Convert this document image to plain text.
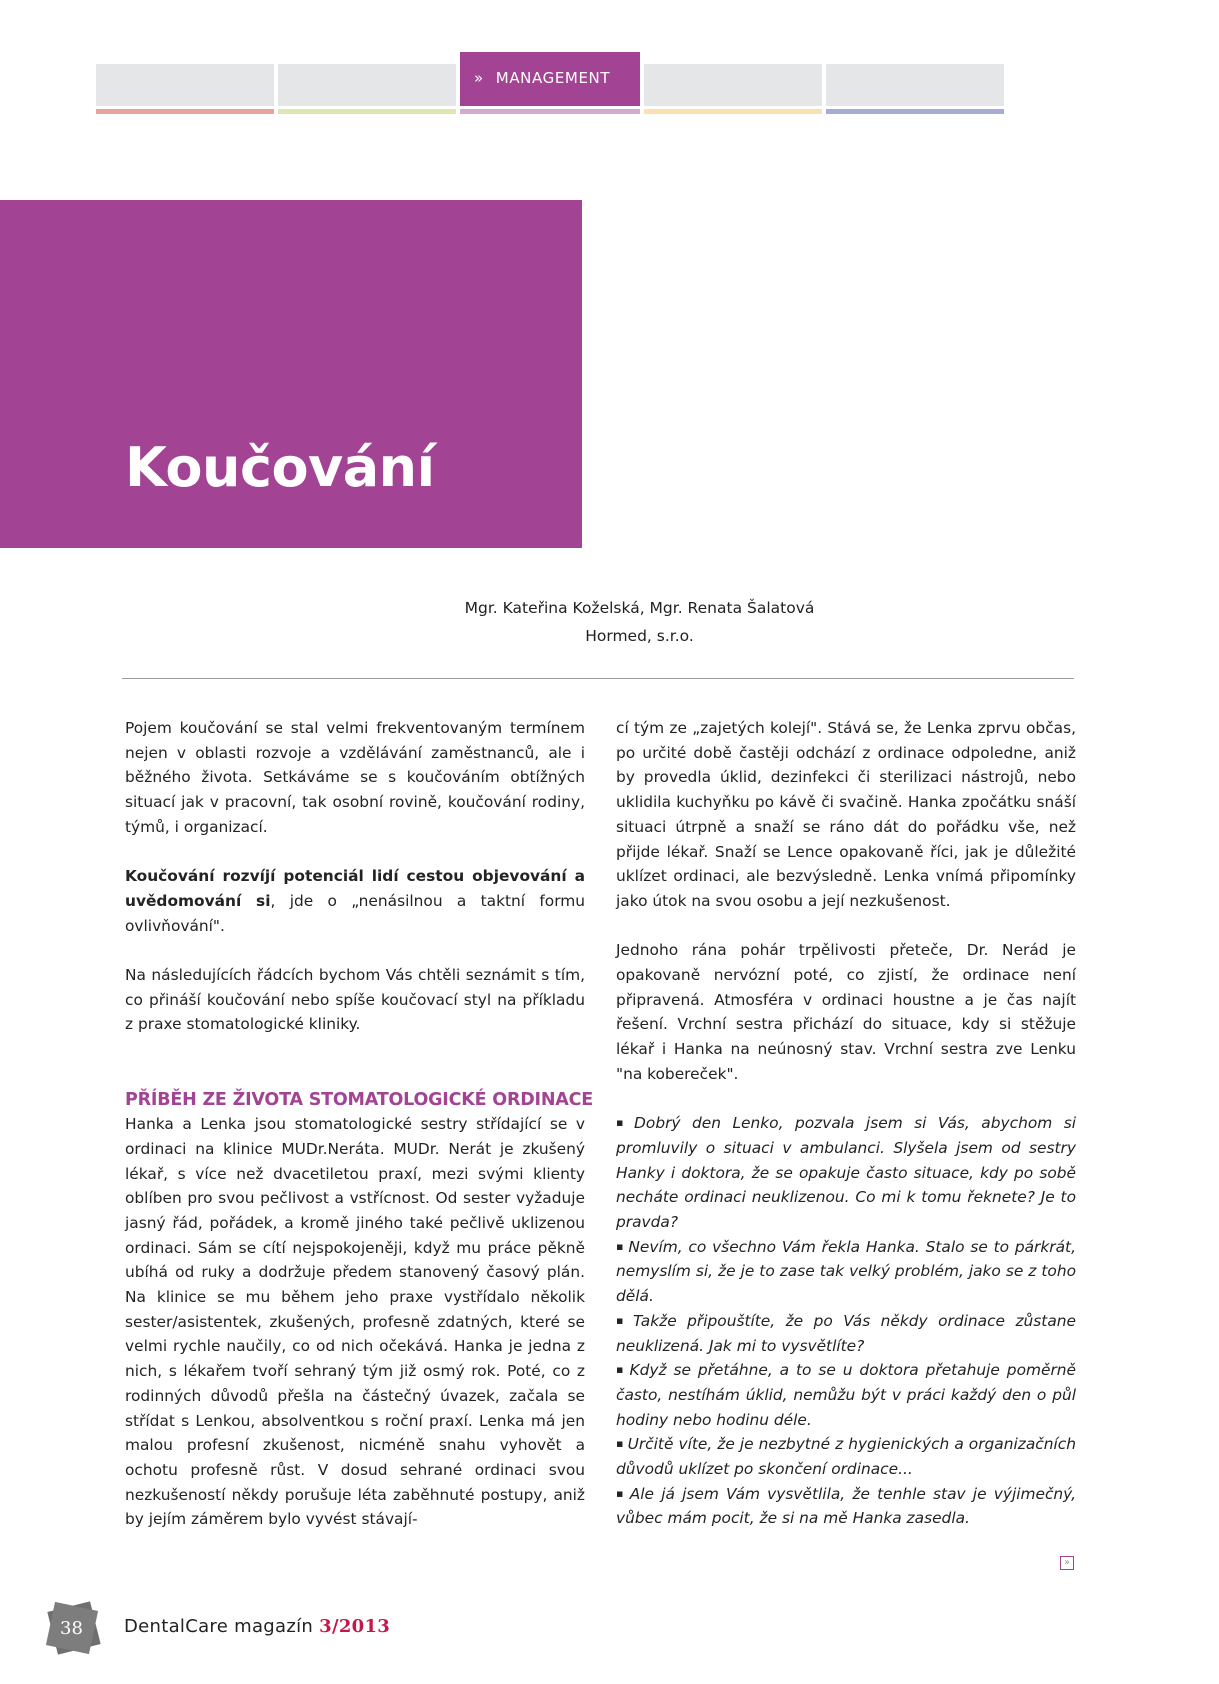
» MANAGEMENT
Koučování
Mgr. Kateřina Koželská, Mgr. Renata Šalatová
Hormed, s.r.o.

Pojem koučování se stal velmi frekventovaným termínem nejen v oblasti rozvoje a vzdělávání zaměstnanců, ale i běžného života. Setkáváme se s koučováním obtížných situací jak v pracovní, tak osobní rovině, koučování rodiny, týmů, i organizací.

Koučování rozvíjí potenciál lidí cestou objevování a uvědomování si, jde o „nenásilnou a taktní formu ovlivňování".

Na následujících řádcích bychom Vás chtěli seznámit s tím, co přináší koučování nebo spíše koučovací styl na příkladu z praxe stomatologické kliniky.

PŘÍBĚH ZE ŽIVOTA STOMATOLOGICKÉ ORDINACE

Hanka a Lenka jsou stomatologické sestry střídající se v ordinaci na klinice MUDr.Neráta. MUDr. Nerát je zkušený lékař, s více než dvacetiletou praxí, mezi svými klienty oblíben pro svou pečlivost a vstřícnost. Od sester vyžaduje jasný řád, pořádek, a kromě jiného také pečlivě uklizenou ordinaci. Sám se cítí nejspokojeněji, když mu práce pěkně ubíhá od ruky a dodržuje předem stanovený časový plán. Na klinice se mu během jeho praxe vystřídalo několik sester/asistentek, zkušených, profesně zdatných, které se velmi rychle naučily, co od nich očekává. Hanka je jedna z nich, s lékařem tvoří sehraný tým již osmý rok. Poté, co z rodinných důvodů přešla na částečný úvazek, začala se střídat s Lenkou, absolventkou s roční praxí. Lenka má jen malou profesní zkušenost, nicméně snahu vyhovět a ochotu profesně růst. V dosud sehrané ordinaci svou nezkušeností někdy porušuje léta zaběhnuté postupy, aniž by jejím záměrem bylo vyvést stávají-

cí tým ze „zajetých kolejí". Stává se, že Lenka zprvu občas, po určité době častěji odchází z ordinace odpoledne, aniž by provedla úklid, dezinfekci či sterilizaci nástrojů, nebo uklidila kuchyňku po kávě či svačině. Hanka zpočátku snáší situaci útrpně a snaží se ráno dát do pořádku vše, než přijde lékař. Snaží se Lence opakovaně říci, jak je důležité uklízet ordinaci, ale bezvýsledně. Lenka vnímá připomínky jako útok na svou osobu a její nezkušenost.

Jednoho rána pohár trpělivosti přeteče, Dr. Nerád je opakovaně nervózní poté, co zjistí, že ordinace není připravená. Atmosféra v ordinaci houstne a je čas najít řešení. Vrchní sestra přichází do situace, kdy si stěžuje lékař i Hanka na neúnosný stav. Vrchní sestra zve Lenku "na kobereček".

▪ Dobrý den Lenko, pozvala jsem si Vás, abychom si promluvily o situaci v ambulanci. Slyšela jsem od sestry Hanky i doktora, že se opakuje často situace, kdy po sobě necháte ordinaci neuklizenou. Co mi k tomu řeknete? Je to pravda?

▪ Nevím, co všechno Vám řekla Hanka. Stalo se to párkrát, nemyslím si, že je to zase tak velký problém, jako se z toho dělá.

▪ Takže připouštíte, že po Vás někdy ordinace zůstane neuklizená. Jak mi to vysvětlíte?

▪ Když se přetáhne, a to se u doktora přetahuje poměrně často, nestíhám úklid, nemůžu být v práci každý den o půl hodiny nebo hodinu déle.

▪ Určitě víte, že je nezbytné z hygienických a organizačních důvodů uklízet po skončení ordinace...

▪ Ale já jsem Vám vysvětlila, že tenhle stav je výjimečný, vůbec mám pocit, že si na mě Hanka zasedla.

»
38 DentalCare magazín 3/2013
